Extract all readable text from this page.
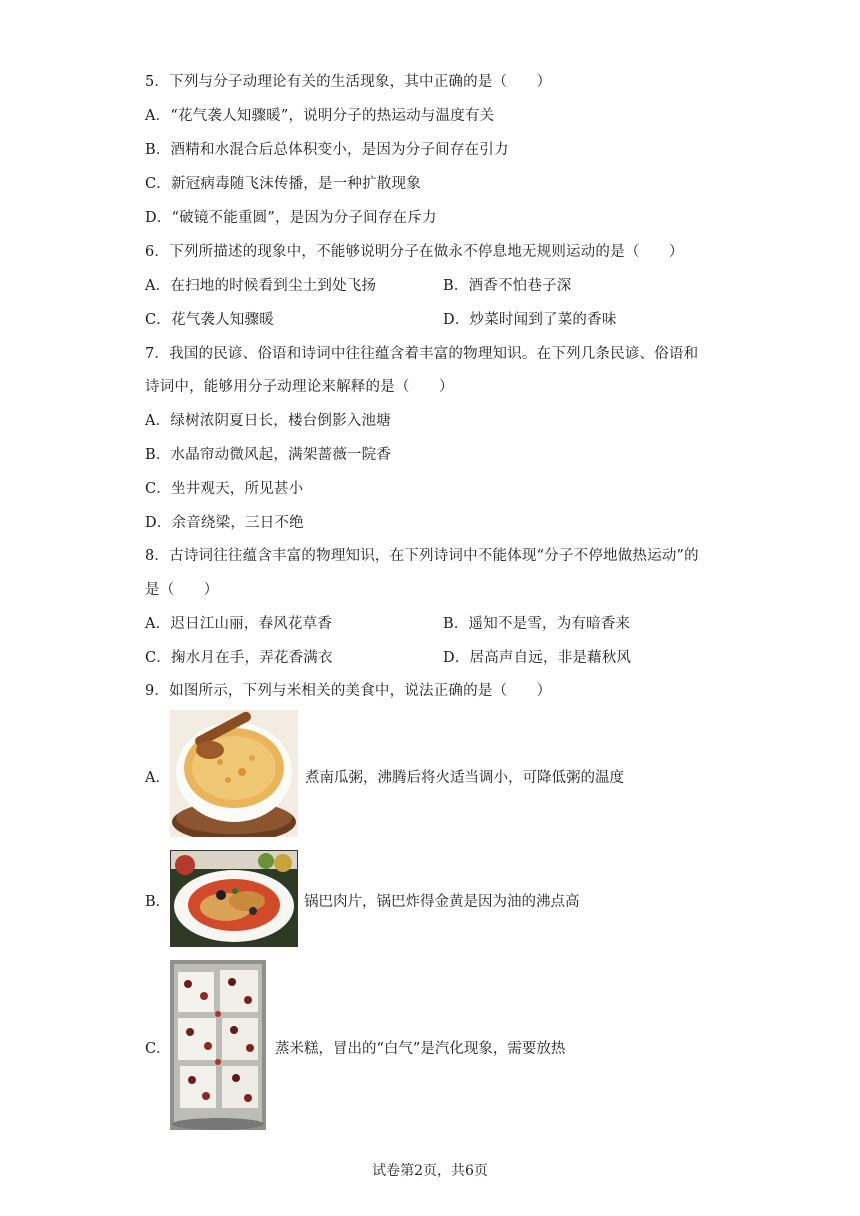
5．下列与分子动理论有关的生活现象，其中正确的是（　　）
A．“花气袭人知骤暖”，说明分子的热运动与温度有关
B．酒精和水混合后总体积变小，是因为分子间存在引力
C．新冠病毒随飞沫传播，是一种扩散现象
D．“破镜不能重圆”，是因为分子间存在斥力
6．下列所描述的现象中，不能够说明分子在做永不停息地无规则运动的是（　　）
A．在扫地的时候看到尘土到处飞扬	B．酒香不怕巷子深
C．花气袭人知骤暖	D．炒菜时闻到了菜的香味
7．我国的民谚、俗语和诗词中往往蕴含着丰富的物理知识。在下列几条民谚、俗语和
诗词中，能够用分子动理论来解释的是（　　）
A．绿树浓阴夏日长，楼台倒影入池塘
B．水晶帘动微风起，满架蔷薇一院香
C．坐井观天，所见甚小
D．余音绕梁，三日不绝
8．古诗词往往蕴含丰富的物理知识，在下列诗词中不能体现“分子不停地做热运动”的
是（　　）
A．迟日江山丽，春风花草香	B．遥知不是雪，为有暗香来
C．掬水月在手，弄花香满衣	D．居高声自远，非是藉秋风
9．如图所示，下列与米相关的美食中，说法正确的是（　　）
A．	煮南瓜粥，沸腾后将火适当调小，可降低粥的温度
B．	锅巴肉片，锅巴炸得金黄是因为油的沸点高
C．	蒸米糕，冒出的“白气”是汽化现象，需要放热
试卷第2页，共6页
